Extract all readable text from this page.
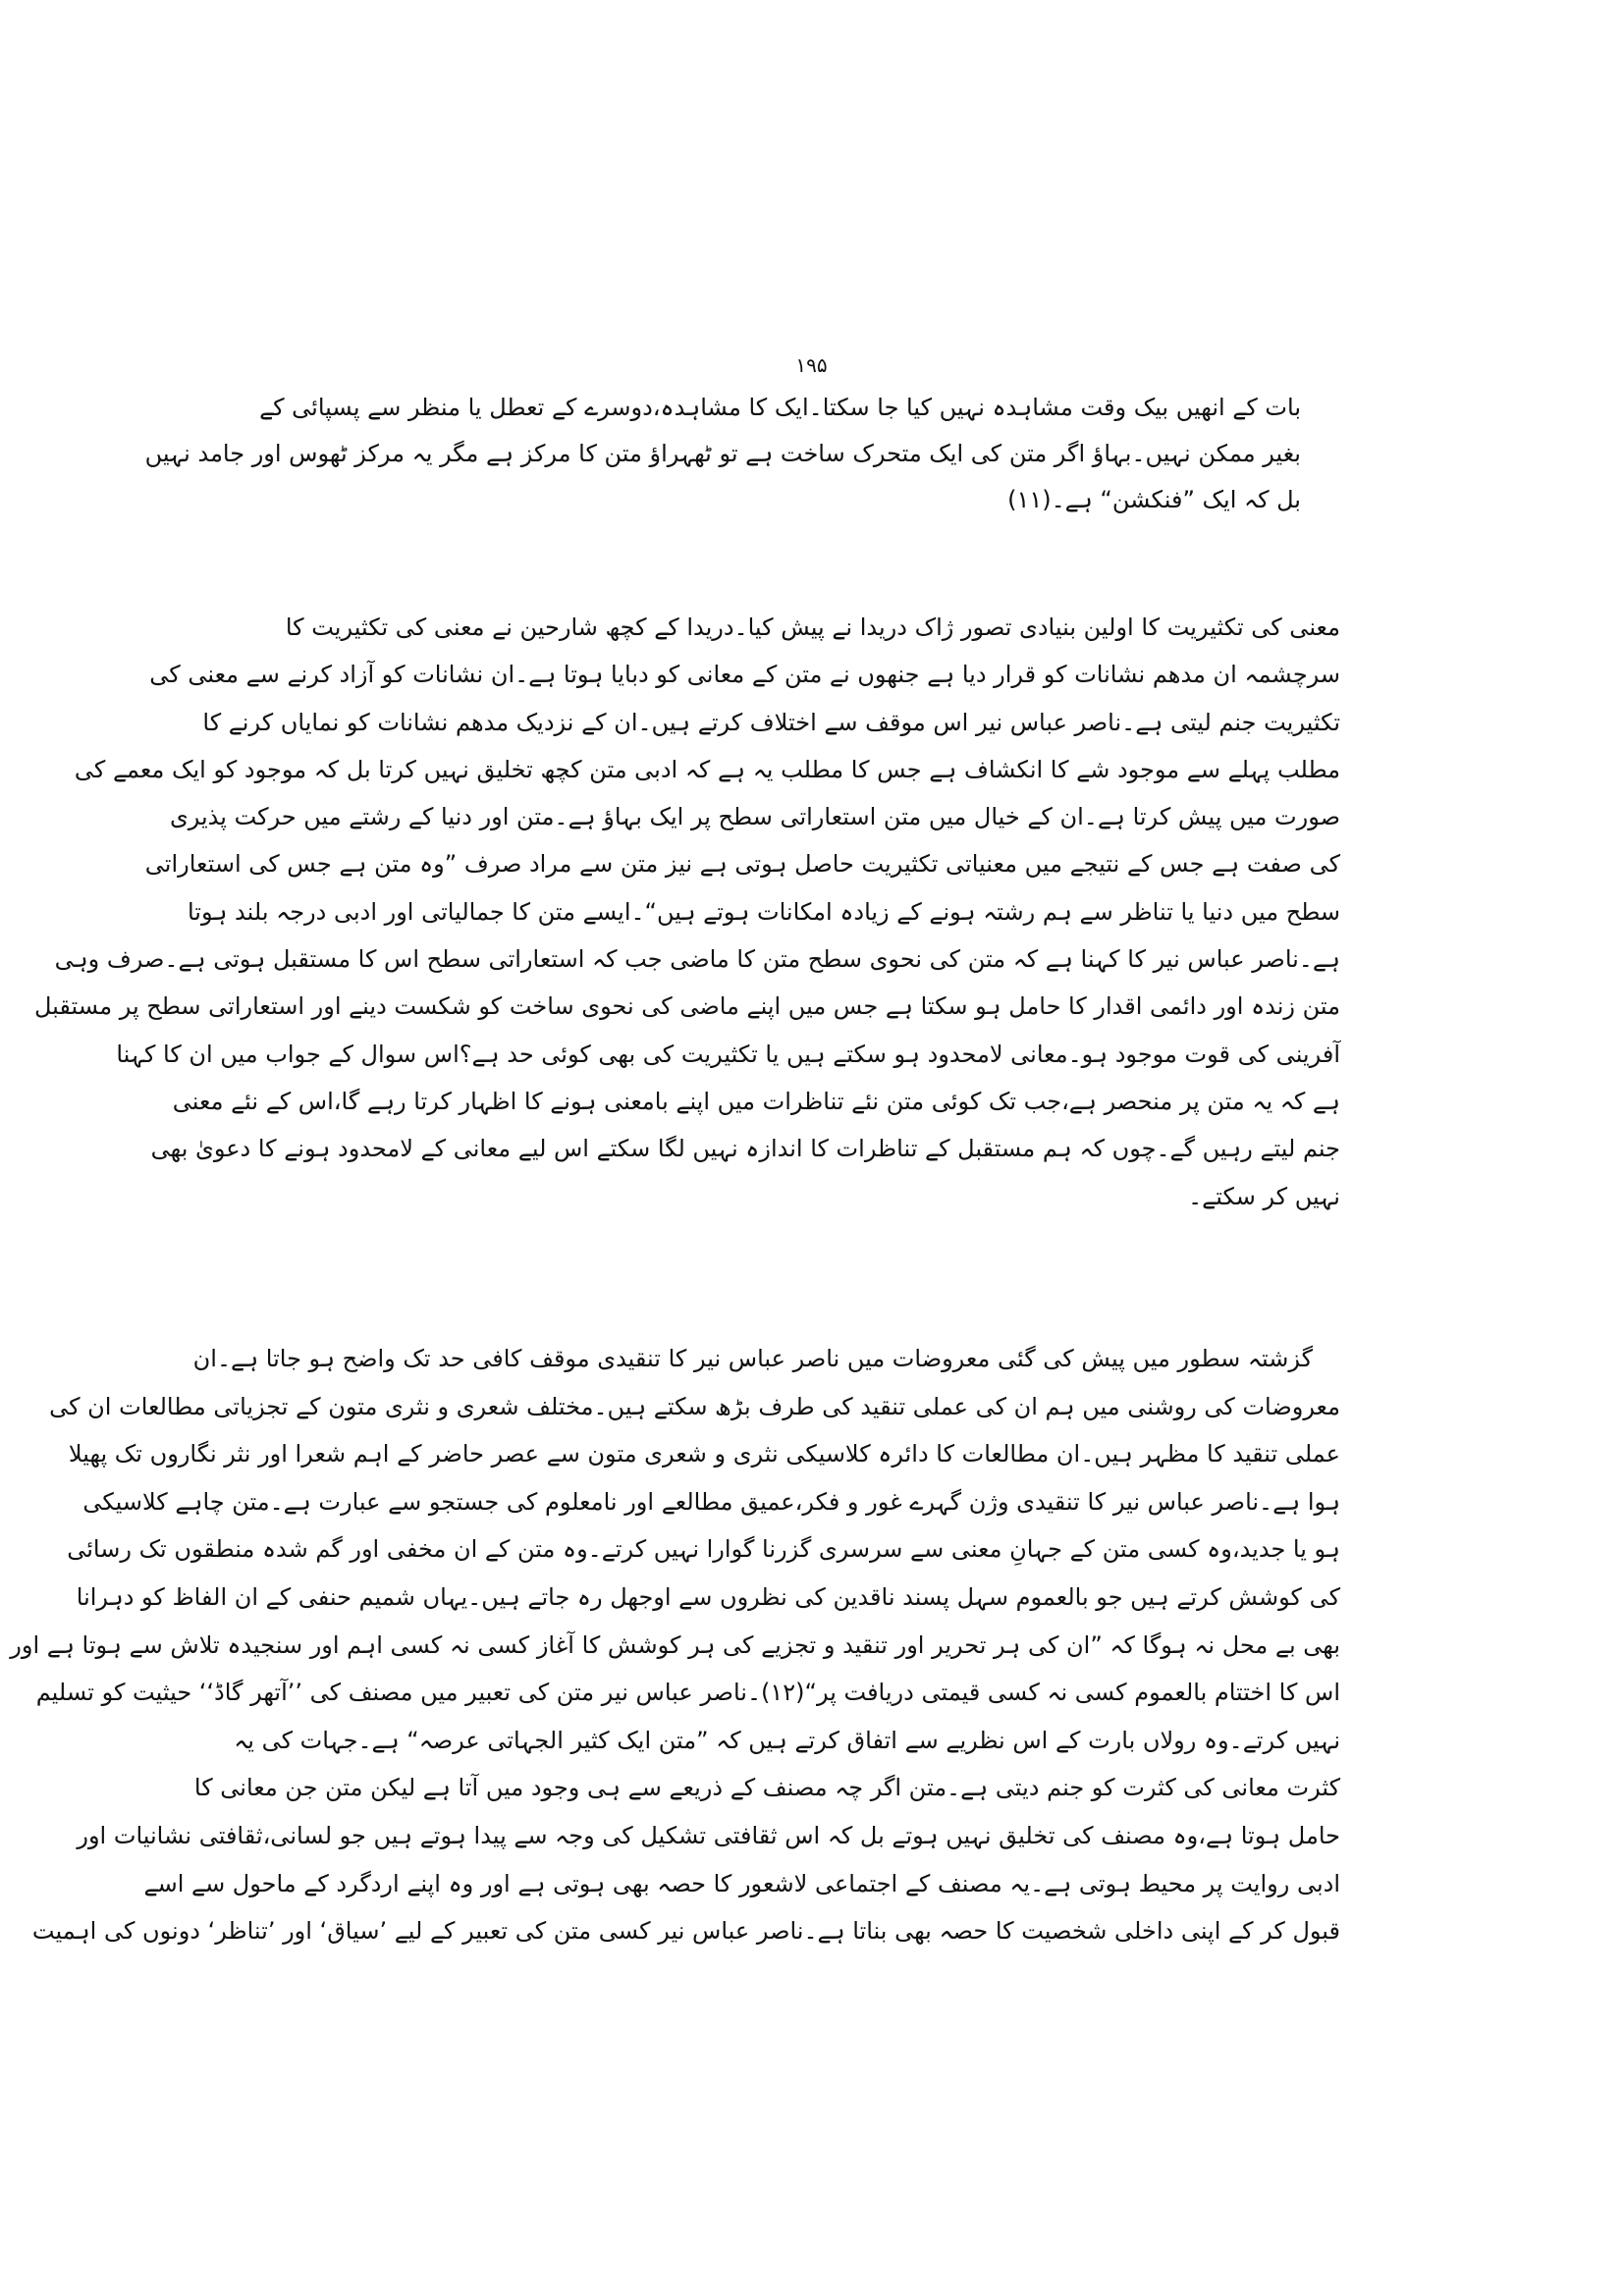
۱۹۵
بات کے انھیں بیک وقت مشاہدہ نہیں کیا جا سکتا۔ایک کا مشاہدہ،دوسرے کے تعطل یا منظر سے پسپائی کے
بغیر ممکن نہیں۔بہاؤ اگر متن کی ایک متحرک ساخت ہے تو ٹھہراؤ متن کا مرکز ہے مگر یہ مرکز ٹھوس اور جامد نہیں
بل کہ ایک ”فنکشن“ ہے۔(۱۱)
معنی کی تکثیریت کا اولین بنیادی تصور ژاک دریدا نے پیش کیا۔دریدا کے کچھ شارحین نے معنی کی تکثیریت کا
سرچشمہ ان مدھم نشانات کو قرار دیا ہے جنھوں نے متن کے معانی کو دبایا ہوتا ہے۔ان نشانات کو آزاد کرنے سے معنی کی
تکثیریت جنم لیتی ہے۔ناصر عباس نیر اس موقف سے اختلاف کرتے ہیں۔ان کے نزدیک مدھم نشانات کو نمایاں کرنے کا
مطلب پہلے سے موجود شے کا انکشاف ہے جس کا مطلب یہ ہے کہ ادبی متن کچھ تخلیق نہیں کرتا بل کہ موجود کو ایک معمے کی
صورت میں پیش کرتا ہے۔ان کے خیال میں متن استعاراتی سطح پر ایک بہاؤ ہے۔متن اور دنیا کے رشتے میں حرکت پذیری
کی صفت ہے جس کے نتیجے میں معنیاتی تکثیریت حاصل ہوتی ہے نیز متن سے مراد صرف ”وہ متن ہے جس کی استعاراتی
سطح میں دنیا یا تناظر سے ہم رشتہ ہونے کے زیادہ امکانات ہوتے ہیں“۔ایسے متن کا جمالیاتی اور ادبی درجہ بلند ہوتا
ہے۔ناصر عباس نیر کا کہنا ہے کہ متن کی نحوی سطح متن کا ماضی جب کہ استعاراتی سطح اس کا مستقبل ہوتی ہے۔صرف وہی
متن زندہ اور دائمی اقدار کا حامل ہو سکتا ہے جس میں اپنے ماضی کی نحوی ساخت کو شکست دینے اور استعاراتی سطح پر مستقبل
آفرینی کی قوت موجود ہو۔معانی لامحدود ہو سکتے ہیں یا تکثیریت کی بھی کوئی حد ہے؟اس سوال کے جواب میں ان کا کہنا
ہے کہ یہ متن پر منحصر ہے،جب تک کوئی متن نئے تناظرات میں اپنے بامعنی ہونے کا اظہار کرتا رہے گا،اس کے نئے معنی
جنم لیتے رہیں گے۔چوں کہ ہم مستقبل کے تناظرات کا اندازہ نہیں لگا سکتے اس لیے معانی کے لامحدود ہونے کا دعویٰ بھی
نہیں کر سکتے۔
گزشتہ سطور میں پیش کی گئی معروضات میں ناصر عباس نیر کا تنقیدی موقف کافی حد تک واضح ہو جاتا ہے۔ان
معروضات کی روشنی میں ہم ان کی عملی تنقید کی طرف بڑھ سکتے ہیں۔مختلف شعری و نثری متون کے تجزیاتی مطالعات ان کی
عملی تنقید کا مظہر ہیں۔ان مطالعات کا دائرہ کلاسیکی نثری و شعری متون سے عصر حاضر کے اہم شعرا اور نثر نگاروں تک پھیلا
ہوا ہے۔ناصر عباس نیر کا تنقیدی وژن گہرے غور و فکر،عمیق مطالعے اور نامعلوم کی جستجو سے عبارت ہے۔متن چاہے کلاسیکی
ہو یا جدید،وہ کسی متن کے جہانِ معنی سے سرسری گزرنا گوارا نہیں کرتے۔وہ متن کے ان مخفی اور گم شدہ منطقوں تک رسائی
کی کوشش کرتے ہیں جو بالعموم سہل پسند ناقدین کی نظروں سے اوجھل رہ جاتے ہیں۔یہاں شمیم حنفی کے ان الفاظ کو دہرانا
بھی بے محل نہ ہوگا کہ ”ان کی ہر تحریر اور تنقید و تجزیے کی ہر کوشش کا آغاز کسی نہ کسی اہم اور سنجیدہ تلاش سے ہوتا ہے اور
اس کا اختتام بالعموم کسی نہ کسی قیمتی دریافت پر“(۱۲)۔ناصر عباس نیر متن کی تعبیر میں مصنف کی ’’آتھر گاڈ‘‘ حیثیت کو تسلیم
نہیں کرتے۔وہ رولاں بارت کے اس نظریے سے اتفاق کرتے ہیں کہ ”متن ایک کثیر الجہاتی عرصہ“ ہے۔جہات کی یہ
کثرت معانی کی کثرت کو جنم دیتی ہے۔متن اگر چہ مصنف کے ذریعے سے ہی وجود میں آتا ہے لیکن متن جن معانی کا
حامل ہوتا ہے،وہ مصنف کی تخلیق نہیں ہوتے بل کہ اس ثقافتی تشکیل کی وجہ سے پیدا ہوتے ہیں جو لسانی،ثقافتی نشانیات اور
ادبی روایت پر محیط ہوتی ہے۔یہ مصنف کے اجتماعی لاشعور کا حصہ بھی ہوتی ہے اور وہ اپنے اردگرد کے ماحول سے اسے
قبول کر کے اپنی داخلی شخصیت کا حصہ بھی بناتا ہے۔ناصر عباس نیر کسی متن کی تعبیر کے لیے ’سیاق‘ اور ’تناظر‘ دونوں کی اہمیت
